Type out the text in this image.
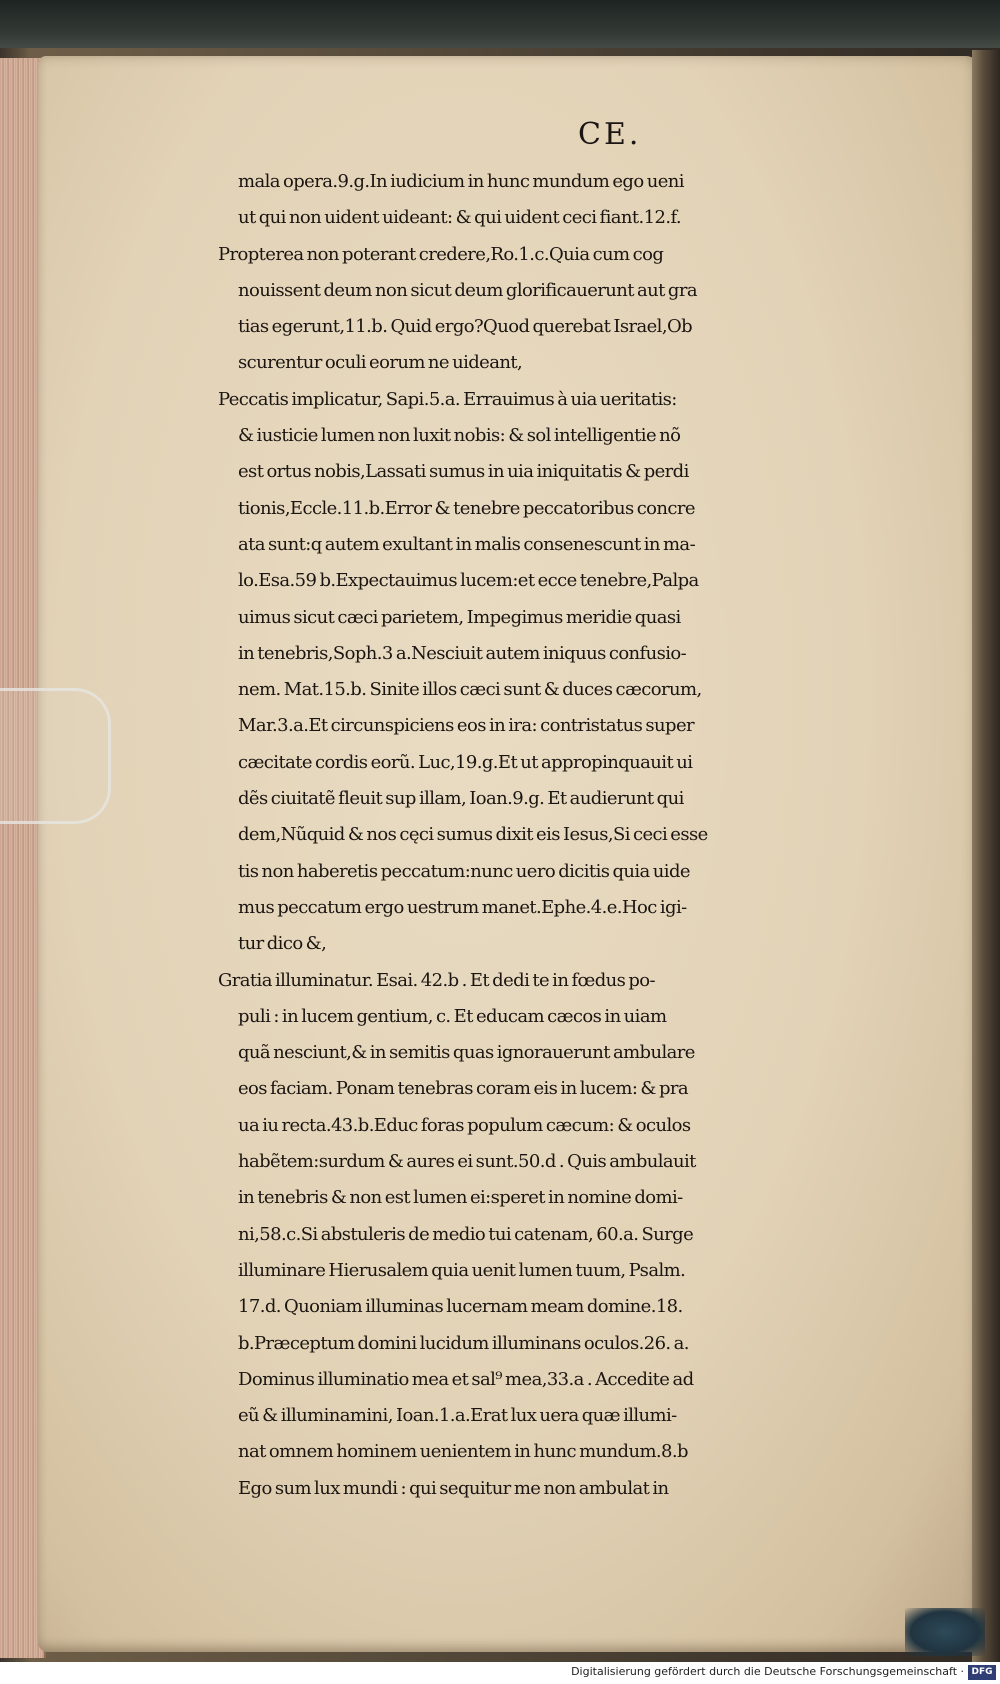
CE.

mala opera.9.g.In iudicium in hunc mundum ego ueni
ut qui non uident uideant: & qui uident ceci fiant.12.f.
Propterea non poterant credere,Ro.1.c.Quia cum cog
nouissent deum non sicut deum glorificauerunt aut gra
tias egerunt,11.b. Quid ergo?Quod querebat Israel,Ob
scurentur oculi eorum ne uideant,
Peccatis implicatur, Sapi.5.a. Errauimus à uia ueritatis:
& iusticie lumen non luxit nobis: & sol intelligentie nõ
est ortus nobis,Lassati sumus in uia iniquitatis & perdi
tionis,Eccle.11.b.Error & tenebre peccatoribus concre
ata sunt:q autem exultant in malis consenescunt in ma-
lo.Esa.59 b.Expectauimus lucem:et ecce tenebre,Palpa
uimus sicut cæci parietem, Impegimus meridie quasi
in tenebris,Soph.3 a.Nesciuit autem iniquus confusio-
nem. Mat.15.b. Sinite illos cæci sunt & duces cæcorum,
Mar.3.a.Et circunspiciens eos in ira: contristatus super
cæcitate cordis eorũ. Luc,19.g.Et ut appropinquauit ui
dẽs ciuitatẽ fleuit sup illam, Ioan.9.g. Et audierunt qui
dem,Nũquid & nos cęci sumus dixit eis Iesus,Si ceci esse
tis non haberetis peccatum:nunc uero dicitis quia uide
mus peccatum ergo uestrum manet.Ephe.4.e.Hoc igi-
tur dico &,
Gratia illuminatur. Esai. 42.b . Et dedi te in fœdus po-
puli : in lucem gentium, c. Et educam cæcos in uiam
quã nesciunt,& in semitis quas ignorauerunt ambulare
eos faciam. Ponam tenebras coram eis in lucem: & pra
ua iu recta.43.b.Educ foras populum cæcum: & oculos
habẽtem:surdum & aures ei sunt.50.d . Quis ambulauit
in tenebris & non est lumen ei:speret in nomine domi-
ni,58.c.Si abstuleris de medio tui catenam, 60.a. Surge
illuminare Hierusalem quia uenit lumen tuum, Psalm.
17.d. Quoniam illuminas lucernam meam domine.18.
b.Præceptum domini lucidum illuminans oculos.26. a.
Dominus illuminatio mea et sal⁹ mea,33.a . Accedite ad
eũ & illuminamini, Ioan.1.a.Erat lux uera quæ illumi-
nat omnem hominem uenientem in hunc mundum.8.b
Ego sum lux mundi : qui sequitur me non ambulat in
Digitalisierung gefördert durch die Deutsche Forschungsgemeinschaft · DFG
